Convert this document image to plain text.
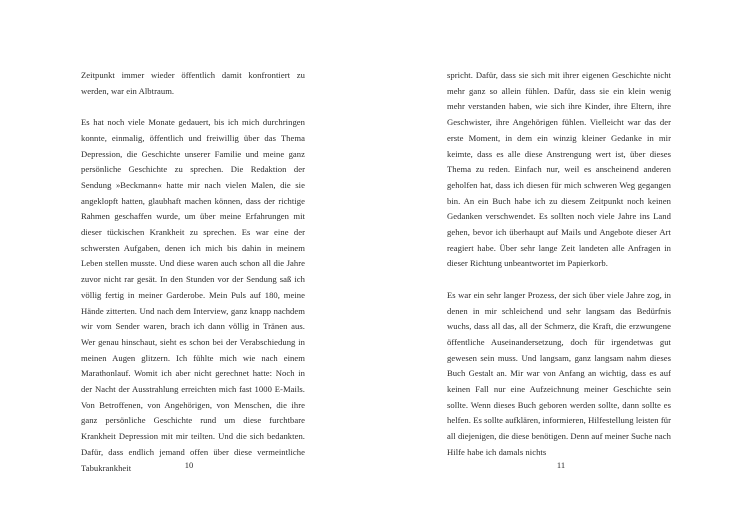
Zeitpunkt immer wieder öffentlich damit konfrontiert zu werden, war ein Albtraum.

Es hat noch viele Monate gedauert, bis ich mich durchringen konnte, einmalig, öffentlich und freiwillig über das Thema Depression, die Geschichte unserer Familie und meine ganz persönliche Geschichte zu sprechen. Die Redaktion der Sendung »Beckmann« hatte mir nach vielen Malen, die sie angeklopft hatten, glaubhaft machen können, dass der richtige Rahmen geschaffen wurde, um über meine Erfahrungen mit dieser tückischen Krankheit zu sprechen. Es war eine der schwersten Aufgaben, denen ich mich bis dahin in meinem Leben stellen musste. Und diese waren auch schon all die Jahre zuvor nicht rar gesät. In den Stunden vor der Sendung saß ich völlig fertig in meiner Garderobe. Mein Puls auf 180, meine Hände zitterten. Und nach dem Interview, ganz knapp nachdem wir vom Sender waren, brach ich dann völlig in Tränen aus. Wer genau hinschaut, sieht es schon bei der Verabschiedung in meinen Augen glitzern. Ich fühlte mich wie nach einem Marathonlauf. Womit ich aber nicht gerechnet hatte: Noch in der Nacht der Ausstrahlung erreichten mich fast 1000 E-Mails. Von Betroffenen, von Angehörigen, von Menschen, die ihre ganz persönliche Geschichte rund um diese furchtbare Krankheit Depression mit mir teilten. Und die sich bedankten. Dafür, dass endlich jemand offen über diese vermeintliche Tabukrankheit	10

spricht. Dafür, dass sie sich mit ihrer eigenen Geschichte nicht mehr ganz so allein fühlen. Dafür, dass sie ein klein wenig mehr verstanden haben, wie sich ihre Kinder, ihre Eltern, ihre Geschwister, ihre Angehörigen fühlen. Vielleicht war das der erste Moment, in dem ein winzig kleiner Gedanke in mir keimte, dass es alle diese Anstrengung wert ist, über dieses Thema zu reden. Einfach nur, weil es anscheinend anderen geholfen hat, dass ich diesen für mich schweren Weg gegangen bin. An ein Buch habe ich zu diesem Zeitpunkt noch keinen Gedanken verschwendet. Es sollten noch viele Jahre ins Land gehen, bevor ich überhaupt auf Mails und Angebote dieser Art reagiert habe. Über sehr lange Zeit landeten alle Anfragen in dieser Richtung unbeantwortet im Papierkorb.

Es war ein sehr langer Prozess, der sich über viele Jahre zog, in denen in mir schleichend und sehr langsam das Bedürfnis wuchs, dass all das, all der Schmerz, die Kraft, die erzwungene öffentliche Auseinandersetzung, doch für irgendetwas gut gewesen sein muss. Und langsam, ganz langsam nahm dieses Buch Gestalt an. Mir war von Anfang an wichtig, dass es auf keinen Fall nur eine Aufzeichnung meiner Geschichte sein sollte. Wenn dieses Buch geboren werden sollte, dann sollte es helfen. Es sollte aufklären, informieren, Hilfestellung leisten für all diejenigen, die diese benötigen. Denn auf meiner Suche nach Hilfe habe ich damals nichts

11
